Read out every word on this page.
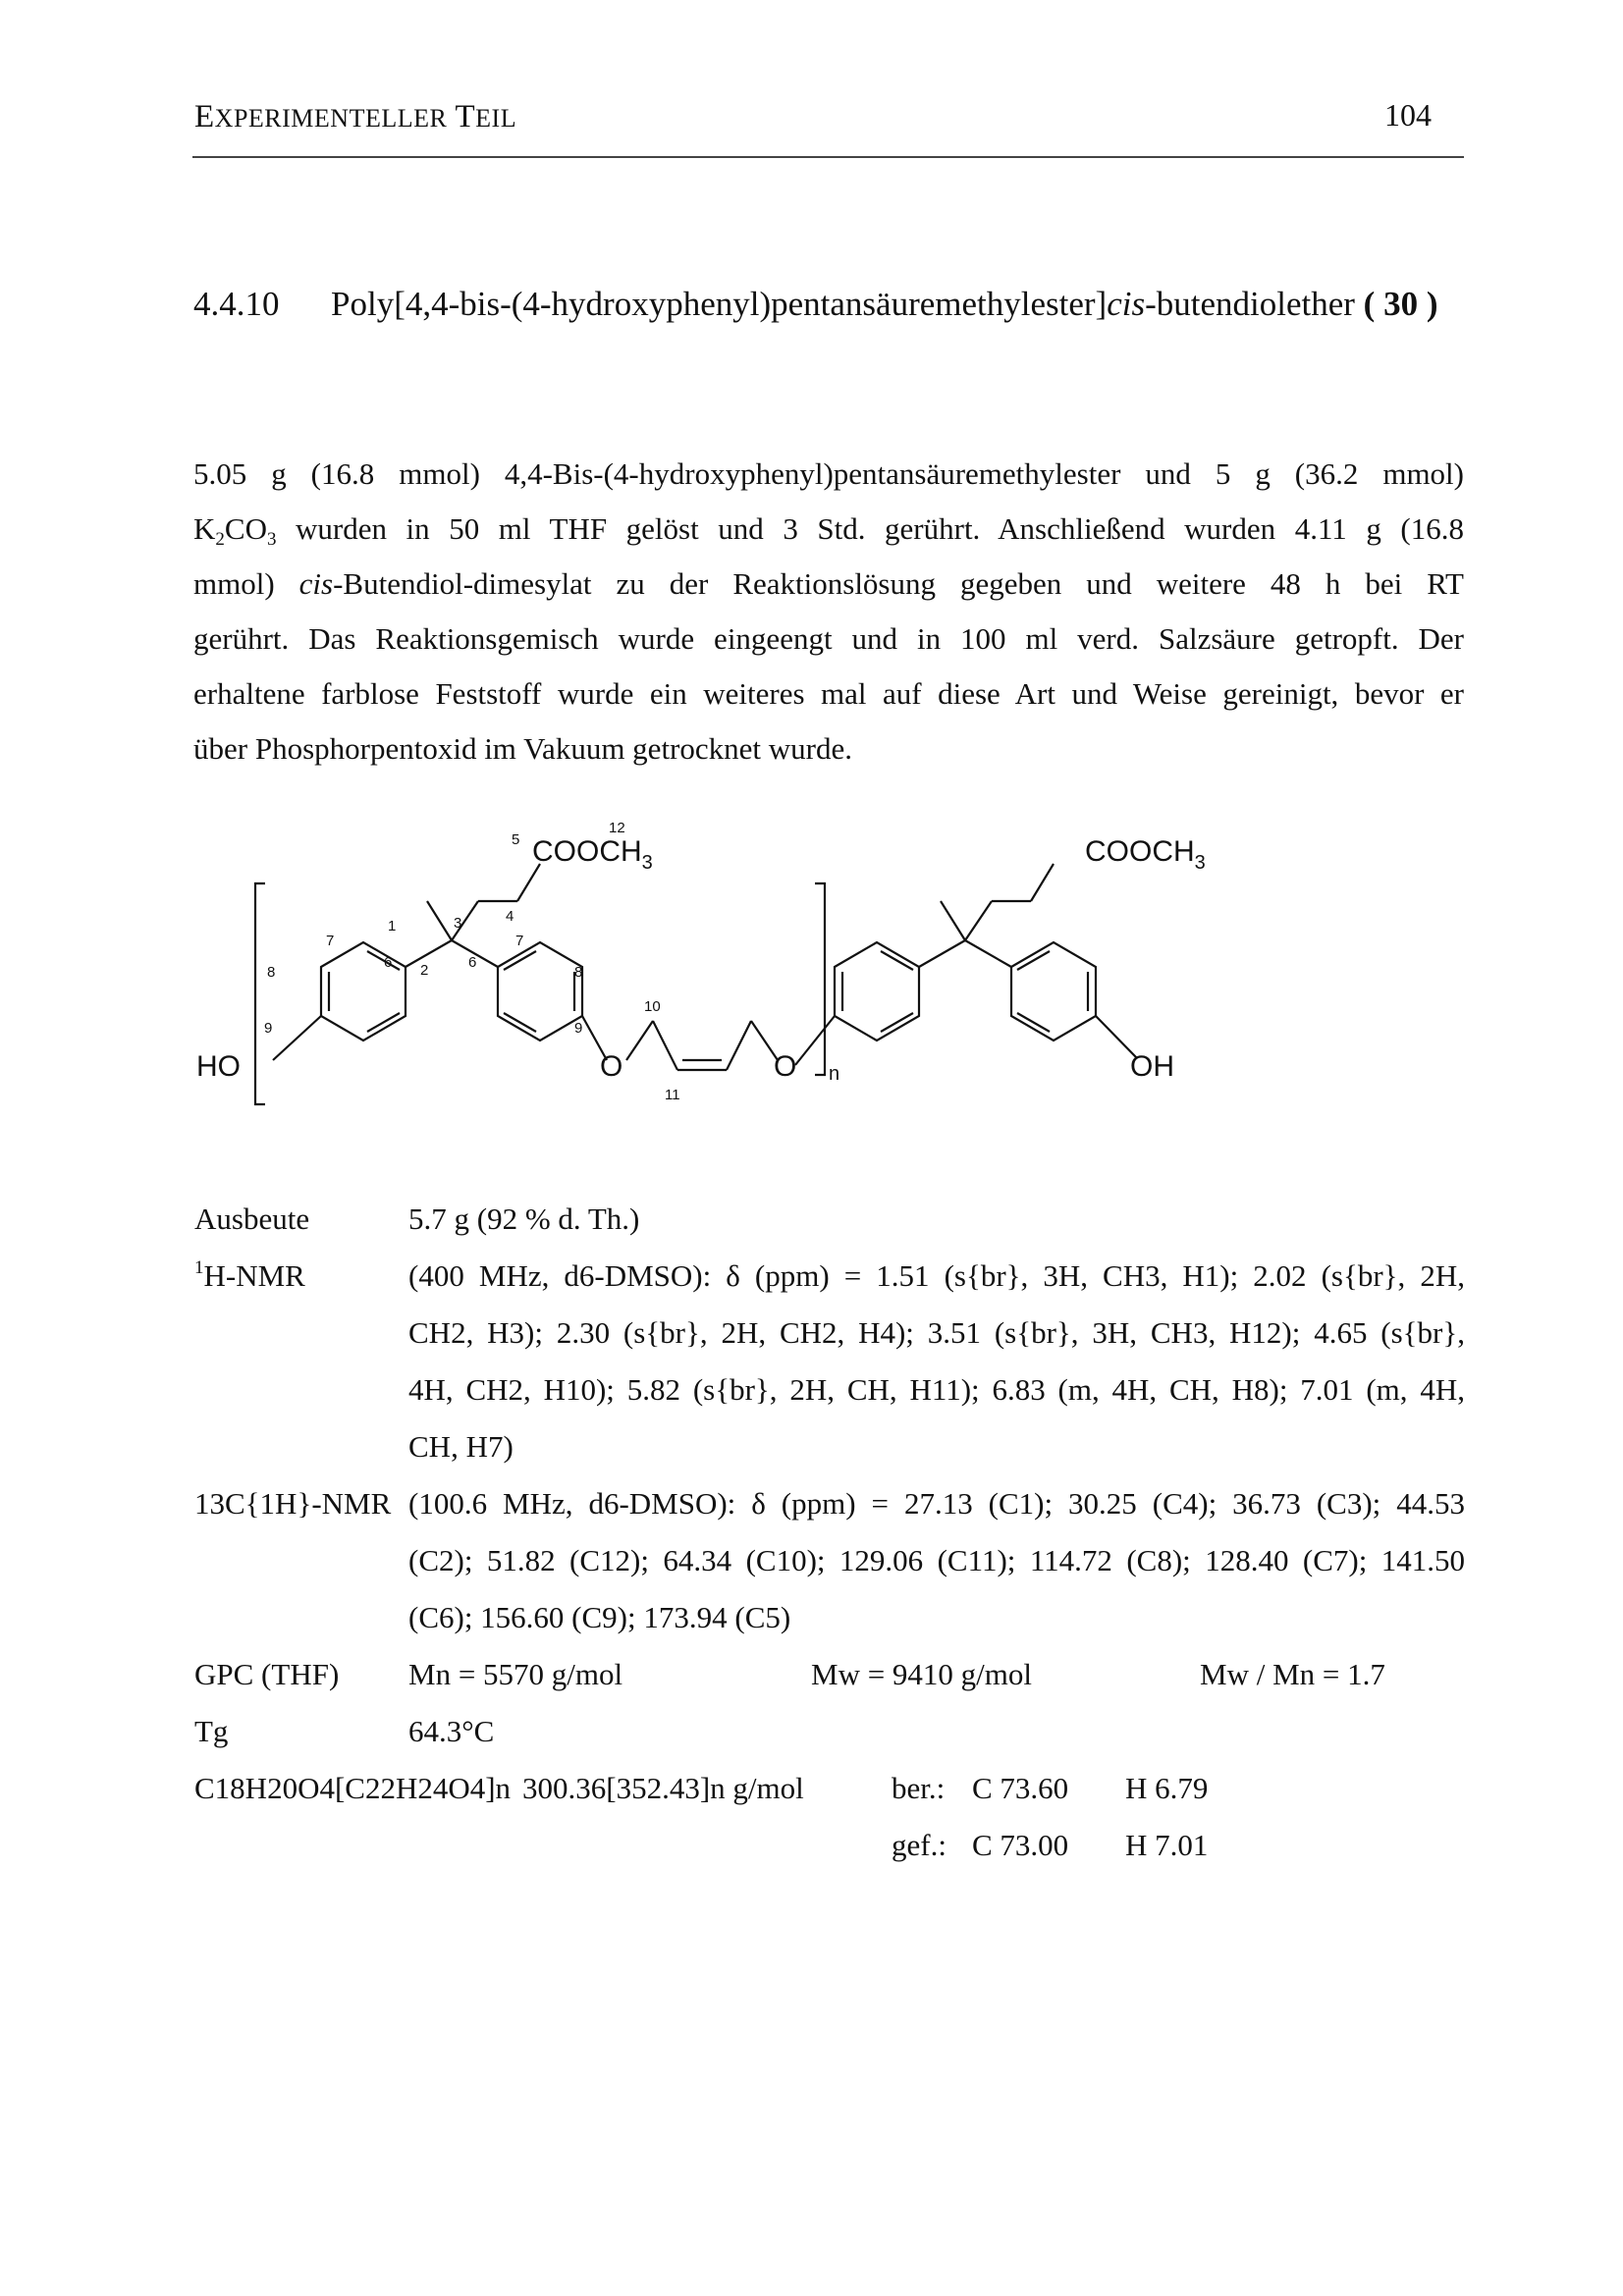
EXPERIMENTELLER TEIL	104
4.4.10 Poly[4,4-bis-(4-hydroxyphenyl)pentansäuremethylester]cis-butendiolether ( 30 )
5.05 g (16.8 mmol) 4,4-Bis-(4-hydroxyphenyl)pentansäuremethylester und 5 g (36.2 mmol)
$K_2CO_3$ wurden in 50 ml THF gelöst und 3 Std. gerührt. Anschließend wurden 4.11 g (16.8
mmol) cis-Butendiol-dimesylat zu der Reaktionslösung gegeben und weitere 48 h bei RT
gerührt. Das Reaktionsgemisch wurde eingeengt und in 100 ml verd. Salzsäure getropft. Der
erhaltene farblose Feststoff wurde ein weiteres mal auf diese Art und Weise gereinigt, bevor er
über Phosphorpentoxid im Vakuum getrocknet wurde.
HO	O	O	OH
$COOCH_3$	$COOCH_3$
n
5
12
1	3	4
7	7
6	6
2
8	8
9	9
10
11
Ausbeute	5.7 g (92 % d. Th.)
$^1$H-NMR	(400 MHz, d6-DMSO): δ (ppm) = 1.51 (s{br}, 3H, CH3, H1); 2.02 (s{br}, 2H,
CH2, H3); 2.30 (s{br}, 2H, CH2, H4); 3.51 (s{br}, 3H, CH3, H12); 4.65 (s{br},
4H, CH2, H10); 5.82 (s{br}, 2H, CH, H11); 6.83 (m, 4H, CH, H8); 7.01 (m, 4H,
CH, H7)
13C{1H}-NMR (100.6 MHz, d6-DMSO): δ (ppm) = 27.13 (C1); 30.25 (C4); 36.73 (C3); 44.53
(C2); 51.82 (C12); 64.34 (C10); 129.06 (C11); 114.72 (C8); 128.40 (C7); 141.50
(C6); 156.60 (C9); 173.94 (C5)
GPC (THF) Mn = 5570 g/mol	Mw = 9410 g/mol	Mw / Mn = 1.7
Tg	64.3°C
C18H20O4[C22H24O4]n 300.36[352.43]n g/mol	ber.: C 73.60 H 6.79
gef.: C 73.00 H 7.01
